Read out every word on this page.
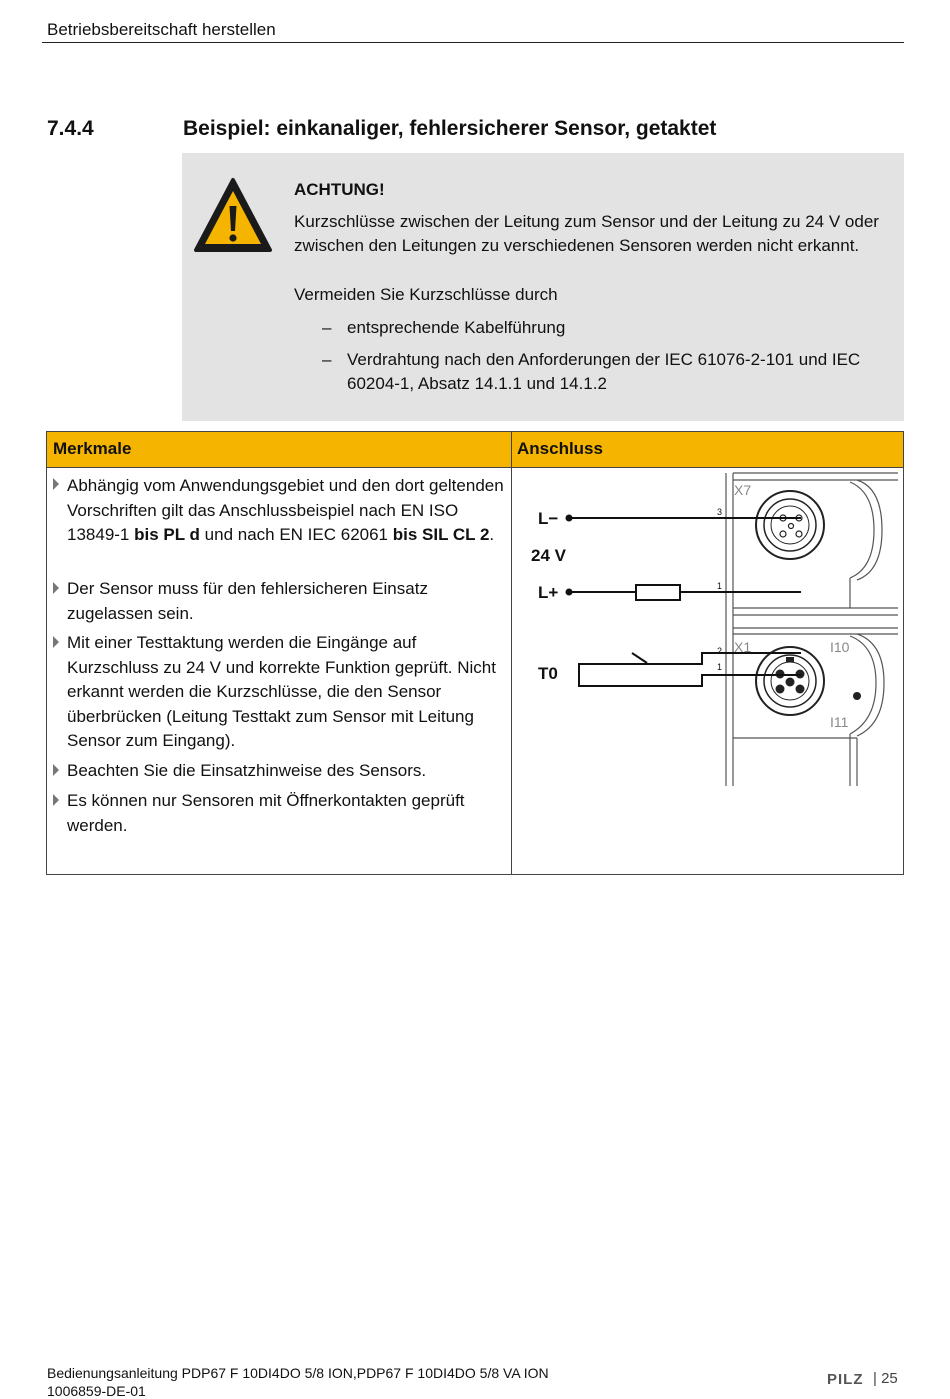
Betriebsbereitschaft herstellen
7.4.4	Beispiel: einkanaliger, fehlersicherer Sensor, getaktet
ACHTUNG!
Kurzschlüsse zwischen der Leitung zum Sensor und der Leitung zu 24 V oder zwischen den Leitungen zu verschiedenen Sensoren werden nicht erkannt.
Vermeiden Sie Kurzschlüsse durch
– entsprechende Kabelführung
– Verdrahtung nach den Anforderungen der IEC 61076-2-101 und IEC 60204-1, Absatz 14.1.1 und 14.1.2
Merkmale	Anschluss
Abhängig vom Anwendungsgebiet und den dort geltenden Vorschriften gilt das Anschlussbeispiel nach EN ISO 13849-1 bis PL d und nach EN IEC 62061 bis SIL CL 2.
Der Sensor muss für den fehlersicheren Einsatz zugelassen sein.
Mit einer Testtaktung werden die Eingänge auf Kurzschluss zu 24 V und korrekte Funktion geprüft. Nicht erkannt werden die Kurzschlüsse, die den Sensor überbrücken (Leitung Testtakt zum Sensor mit Leitung Sensor zum Eingang).
Beachten Sie die Einsatzhinweise des Sensors.
Es können nur Sensoren mit Öffnerkontakten geprüft werden.
L−
24 V
L+
T0
3
1
2
1
X7
X1	I10
I11
Bedienungsanleitung PDP67 F 10DI4DO 5/8 ION,PDP67 F 10DI4DO 5/8 VA ION
1006859-DE-01
PILZ | 25
